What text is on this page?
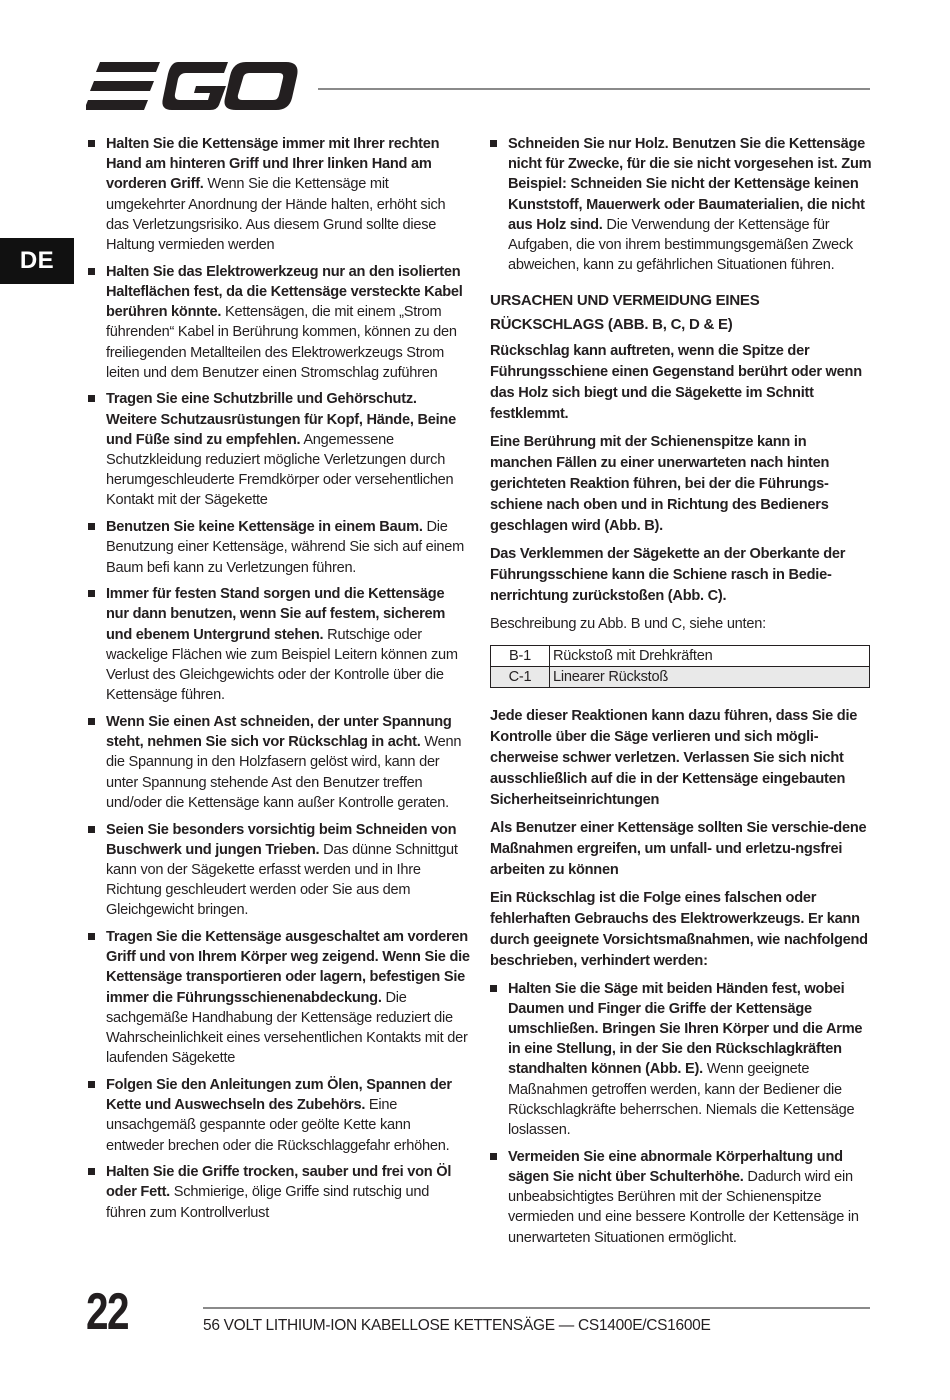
DE
Halten Sie die Kettensäge immer mit Ihrer rechten Hand am hinteren Griff und Ihrer linken Hand am vorderen Griff. Wenn Sie die Kettensäge mit umgekehrter Anordnung der Hände halten, erhöht sich das Verletzungsrisiko. Aus diesem Grund sollte diese Haltung vermieden werden
Halten Sie das Elektrowerkzeug nur an den isolierten Halteflächen fest, da die Kettensäge versteckte Kabel berühren könnte. Kettensägen, die mit einem „Strom führenden“ Kabel in Berührung kommen, können zu den freiliegenden Metallteilen des Elektrowerkzeugs Strom leiten und dem Benutzer einen Stromschlag zuführen
Tragen Sie eine Schutzbrille und Gehörschutz. Weitere Schutzausrüstungen für Kopf, Hände, Beine und Füße sind zu empfehlen. Angemessene Schutzkleidung reduziert mögliche Verletzungen durch herumgeschleuderte Fremdkörper oder versehentlichen Kontakt mit der Sägekette
Benutzen Sie keine Kettensäge in einem Baum. Die Benutzung einer Kettensäge, während Sie sich auf einem Baum befi kann zu Verletzungen führen.
Immer für festen Stand sorgen und die Kettensäge nur dann benutzen, wenn Sie auf festem, sicherem und ebenem Untergrund stehen. Rutschige oder wackelige Flächen wie zum Beispiel Leitern können zum Verlust des Gleichgewichts oder der Kontrolle über die Kettensäge führen.
Wenn Sie einen Ast schneiden, der unter Spannung steht, nehmen Sie sich vor Rückschlag in acht. Wenn die Spannung in den Holzfasern gelöst wird, kann der unter Spannung stehende Ast den Benutzer treffen und/oder die Kettensäge kann außer Kontrolle geraten.
Seien Sie besonders vorsichtig beim Schneiden von Buschwerk und jungen Trieben. Das dünne Schnittgut kann von der Sägekette erfasst werden und in Ihre Richtung geschleudert werden oder Sie aus dem Gleichgewicht bringen.
Tragen Sie die Kettensäge ausgeschaltet am vorderen Griff und von Ihrem Körper weg zeigend. Wenn Sie die Kettensäge transportieren oder lagern, befestigen Sie immer die Führungsschienenabdeckung. Die sachgemäße Handhabung der Kettensäge reduziert die Wahrscheinlichkeit eines versehentlichen Kontakts mit der laufenden Sägekette
Folgen Sie den Anleitungen zum Ölen, Spannen der Kette und Auswechseln des Zubehörs. Eine unsachgemäß gespannte oder geölte Kette kann entweder brechen oder die Rückschlaggefahr erhöhen.
Halten Sie die Griffe trocken, sauber und frei von Öl oder Fett. Schmierige, ölige Griffe sind rutschig und führen zum Kontrollverlust
Schneiden Sie nur Holz. Benutzen Sie die Kettensäge nicht für Zwecke, für die sie nicht vorgesehen ist. Zum Beispiel: Schneiden Sie nicht der Kettensäge keinen Kunststoff, Mauerwerk oder Baumaterialien, die nicht aus Holz sind. Die Verwendung der Kettensäge für Aufgaben, die von ihrem bestimmungsgemäßen Zweck abweichen, kann zu gefährlichen Situationen führen.
URSACHEN UND VERMEIDUNG EINES RÜCKSCHLAGS (ABB. B, C, D & E)
Rückschlag kann auftreten, wenn die Spitze der Führungsschiene einen Gegenstand berührt oder wenn das Holz sich biegt und die Sägekette im Schnitt festklemmt.
Eine Berührung mit der Schienenspitze kann in manchen Fällen zu einer unerwarteten nach hinten gerichteten Reaktion führen, bei der die Führungs-schiene nach oben und in Richtung des Bedieners geschlagen wird (Abb. B).
Das Verklemmen der Sägekette an der Oberkante der Führungsschiene kann die Schiene rasch in Bedie-nerrichtung zurückstoßen (Abb. C).
Beschreibung zu Abb. B und C, siehe unten:
B-1	Rückstoß mit Drehkräften
C-1	Linearer Rückstoß
Jede dieser Reaktionen kann dazu führen, dass Sie die Kontrolle über die Säge verlieren und sich mögli-cherweise schwer verletzen. Verlassen Sie sich nicht ausschließlich auf die in der Kettensäge eingebauten Sicherheitseinrichtungen
Als Benutzer einer Kettensäge sollten Sie verschie-dene Maßnahmen ergreifen, um unfall- und erletzu-ngsfrei arbeiten zu können
Ein Rückschlag ist die Folge eines falschen oder fehlerhaften Gebrauchs des Elektrowerkzeugs. Er kann durch geeignete Vorsichtsmaßnahmen, wie nachfolgend beschrieben, verhindert werden:
Halten Sie die Säge mit beiden Händen fest, wobei Daumen und Finger die Griffe der Kettensäge umschließen. Bringen Sie Ihren Körper und die Arme in eine Stellung, in der Sie den Rückschlagkräften standhalten können (Abb. E). Wenn geeignete Maßnahmen getroffen werden, kann der Bediener die Rückschlagkräfte beherrschen. Niemals die Kettensäge loslassen.
Vermeiden Sie eine abnormale Körperhaltung und sägen Sie nicht über Schulterhöhe. Dadurch wird ein unbeabsichtigtes Berühren mit der Schienenspitze vermieden und eine bessere Kontrolle der Kettensäge in unerwarteten Situationen ermöglicht.
22	56 VOLT LITHIUM-ION KABELLOSE KETTENSÄGE — CS1400E/CS1600E
